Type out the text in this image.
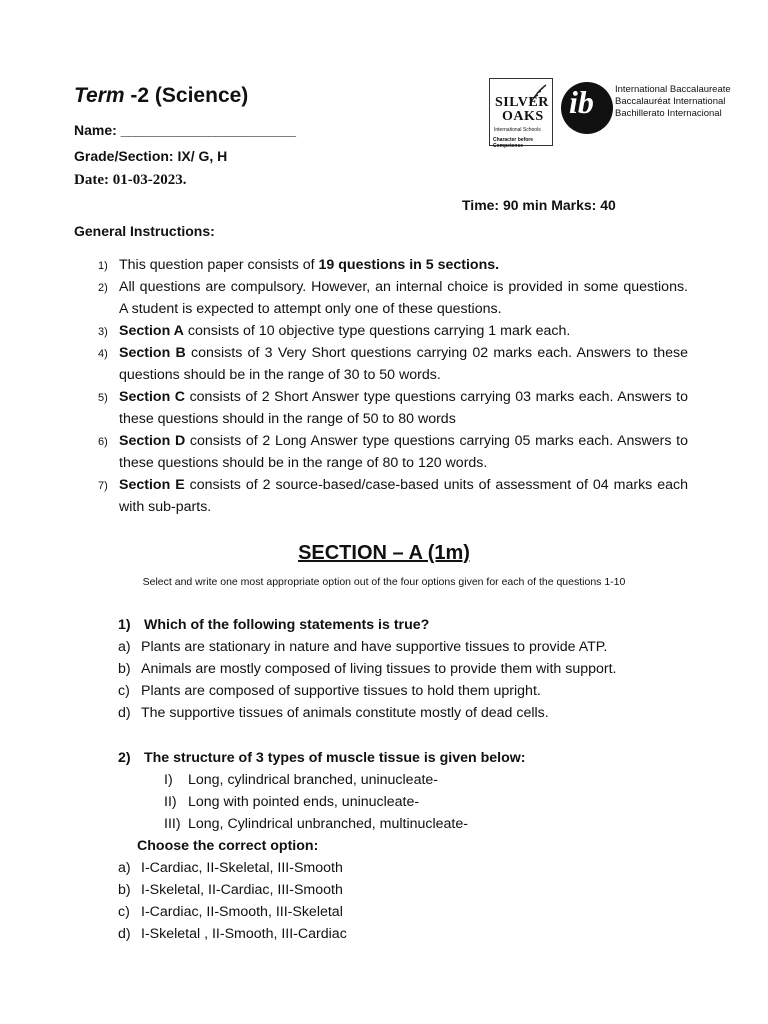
Term -2 (Science)
Name: ________________________
Grade/Section: IX/ G, H
Date: 01-03-2023.
SILVER
OAKS
International Schools
Character before Competence
ib International Baccalaureate
Baccalauréat International
Bachillerato Internacional
Time: 90 min Marks: 40
General Instructions:
1) This question paper consists of 19 questions in 5 sections.
2) All questions are compulsory. However, an internal choice is provided in some questions. A student is expected to attempt only one of these questions.
3) Section A consists of 10 objective type questions carrying 1 mark each.
4) Section B consists of 3 Very Short questions carrying 02 marks each. Answers to these questions should be in the range of 30 to 50 words.
5) Section C consists of 2 Short Answer type questions carrying 03 marks each. Answers to these questions should in the range of 50 to 80 words
6) Section D consists of 2 Long Answer type questions carrying 05 marks each. Answers to these questions should be in the range of 80 to 120 words.
7) Section E consists of 2 source-based/case-based units of assessment of 04 marks each with sub-parts.
SECTION – A (1m)
Select and write one most appropriate option out of the four options given for each of the questions 1-10
1) Which of the following statements is true?
a) Plants are stationary in nature and have supportive tissues to provide ATP.
b) Animals are mostly composed of living tissues to provide them with support.
c) Plants are composed of supportive tissues to hold them upright.
d) The supportive tissues of animals constitute mostly of dead cells.
2) The structure of 3 types of muscle tissue is given below:
I) Long, cylindrical branched, uninucleate-
II) Long with pointed ends, uninucleate-
III) Long, Cylindrical unbranched, multinucleate-
Choose the correct option:
a) I-Cardiac, II-Skeletal, III-Smooth
b) I-Skeletal, II-Cardiac, III-Smooth
c) I-Cardiac, II-Smooth, III-Skeletal
d) I-Skeletal , II-Smooth, III-Cardiac
